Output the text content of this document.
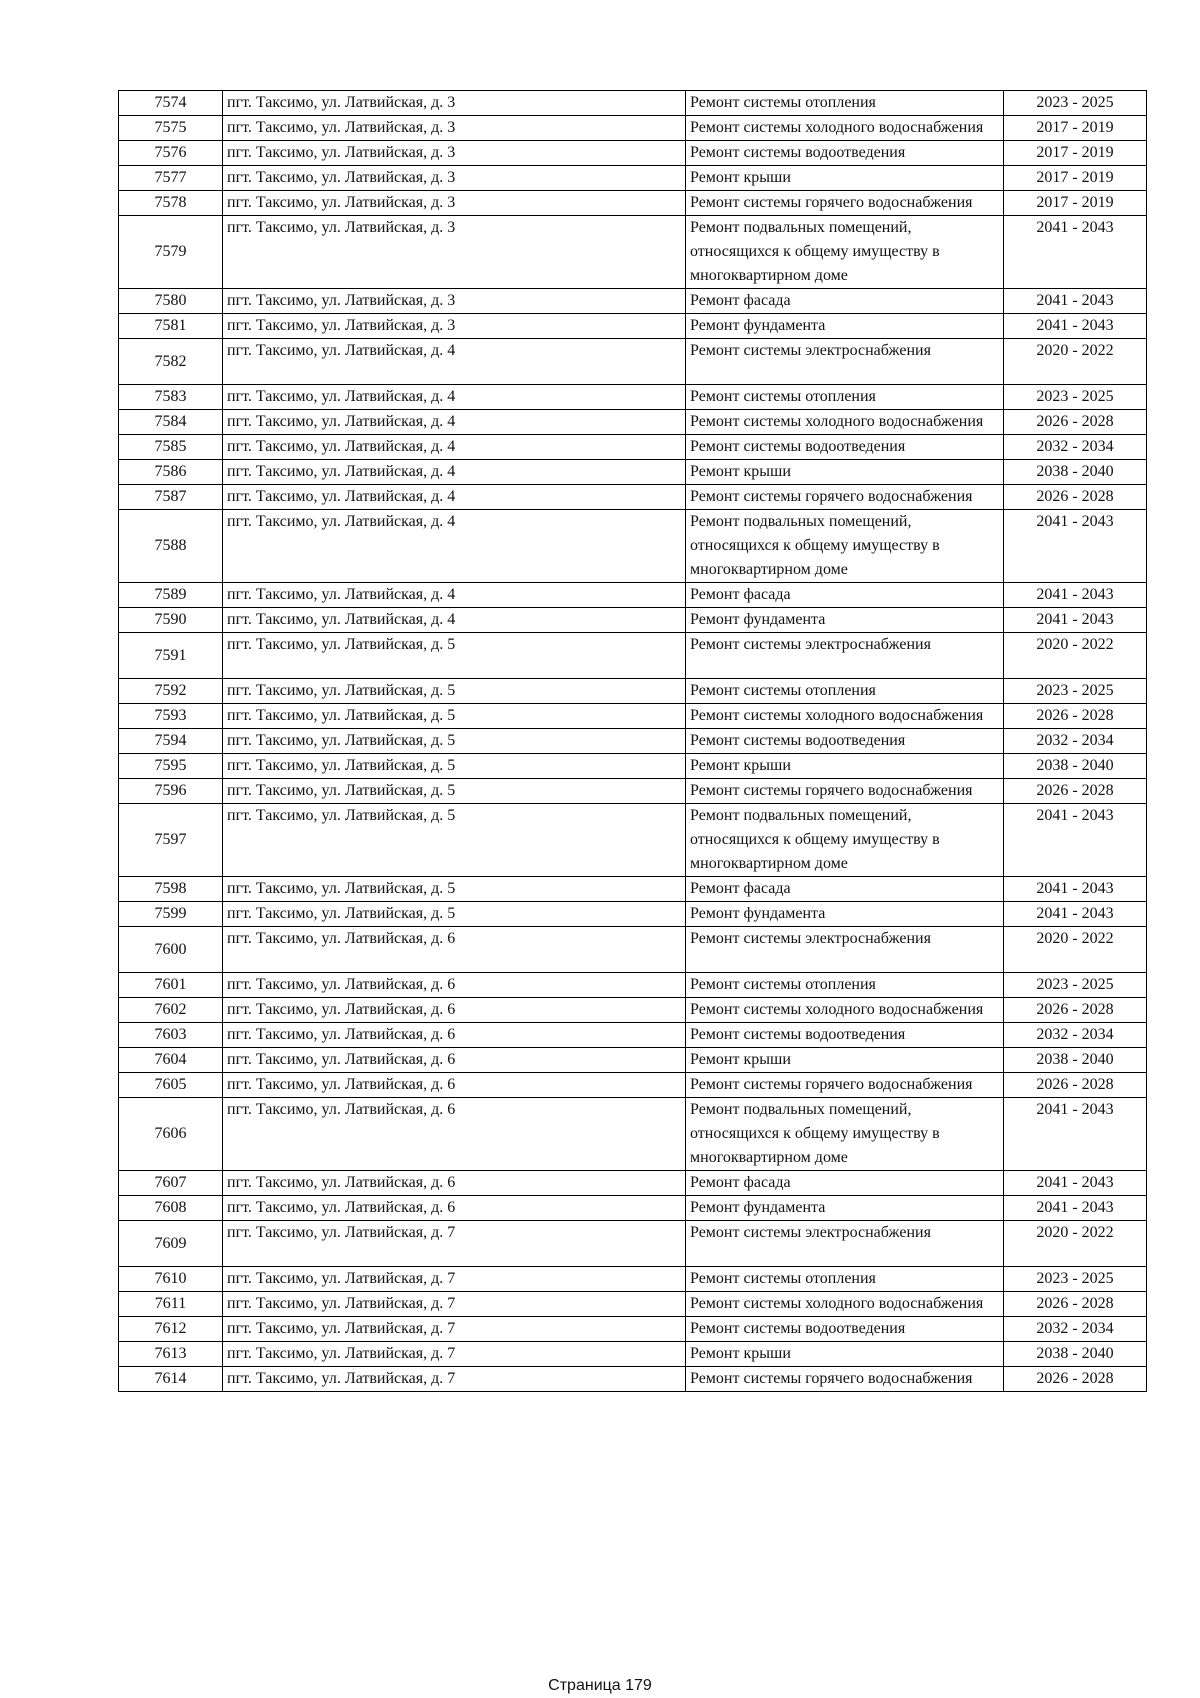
7574	пгт. Таксимо, ул. Латвийская, д. 3	Ремонт системы отопления	2023 - 2025
7575	пгт. Таксимо, ул. Латвийская, д. 3	Ремонт системы холодного водоснабжения	2017 - 2019
7576	пгт. Таксимо, ул. Латвийская, д. 3	Ремонт системы водоотведения	2017 - 2019
7577	пгт. Таксимо, ул. Латвийская, д. 3	Ремонт крыши	2017 - 2019
7578	пгт. Таксимо, ул. Латвийская, д. 3	Ремонт системы горячего водоснабжения	2017 - 2019
7579	пгт. Таксимо, ул. Латвийская, д. 3	Ремонт подвальных помещений, относящихся к общему имуществу в многоквартирном доме	2041 - 2043
7580	пгт. Таксимо, ул. Латвийская, д. 3	Ремонт фасада	2041 - 2043
7581	пгт. Таксимо, ул. Латвийская, д. 3	Ремонт фундамента	2041 - 2043
7582	пгт. Таксимо, ул. Латвийская, д. 4	Ремонт системы электроснабжения	2020 - 2022
7583	пгт. Таксимо, ул. Латвийская, д. 4	Ремонт системы отопления	2023 - 2025
7584	пгт. Таксимо, ул. Латвийская, д. 4	Ремонт системы холодного водоснабжения	2026 - 2028
7585	пгт. Таксимо, ул. Латвийская, д. 4	Ремонт системы водоотведения	2032 - 2034
7586	пгт. Таксимо, ул. Латвийская, д. 4	Ремонт крыши	2038 - 2040
7587	пгт. Таксимо, ул. Латвийская, д. 4	Ремонт системы горячего водоснабжения	2026 - 2028
7588	пгт. Таксимо, ул. Латвийская, д. 4	Ремонт подвальных помещений, относящихся к общему имуществу в многоквартирном доме	2041 - 2043
7589	пгт. Таксимо, ул. Латвийская, д. 4	Ремонт фасада	2041 - 2043
7590	пгт. Таксимо, ул. Латвийская, д. 4	Ремонт фундамента	2041 - 2043
7591	пгт. Таксимо, ул. Латвийская, д. 5	Ремонт системы электроснабжения	2020 - 2022
7592	пгт. Таксимо, ул. Латвийская, д. 5	Ремонт системы отопления	2023 - 2025
7593	пгт. Таксимо, ул. Латвийская, д. 5	Ремонт системы холодного водоснабжения	2026 - 2028
7594	пгт. Таксимо, ул. Латвийская, д. 5	Ремонт системы водоотведения	2032 - 2034
7595	пгт. Таксимо, ул. Латвийская, д. 5	Ремонт крыши	2038 - 2040
7596	пгт. Таксимо, ул. Латвийская, д. 5	Ремонт системы горячего водоснабжения	2026 - 2028
7597	пгт. Таксимо, ул. Латвийская, д. 5	Ремонт подвальных помещений, относящихся к общему имуществу в многоквартирном доме	2041 - 2043
7598	пгт. Таксимо, ул. Латвийская, д. 5	Ремонт фасада	2041 - 2043
7599	пгт. Таксимо, ул. Латвийская, д. 5	Ремонт фундамента	2041 - 2043
7600	пгт. Таксимо, ул. Латвийская, д. 6	Ремонт системы электроснабжения	2020 - 2022
7601	пгт. Таксимо, ул. Латвийская, д. 6	Ремонт системы отопления	2023 - 2025
7602	пгт. Таксимо, ул. Латвийская, д. 6	Ремонт системы холодного водоснабжения	2026 - 2028
7603	пгт. Таксимо, ул. Латвийская, д. 6	Ремонт системы водоотведения	2032 - 2034
7604	пгт. Таксимо, ул. Латвийская, д. 6	Ремонт крыши	2038 - 2040
7605	пгт. Таксимо, ул. Латвийская, д. 6	Ремонт системы горячего водоснабжения	2026 - 2028
7606	пгт. Таксимо, ул. Латвийская, д. 6	Ремонт подвальных помещений, относящихся к общему имуществу в многоквартирном доме	2041 - 2043
7607	пгт. Таксимо, ул. Латвийская, д. 6	Ремонт фасада	2041 - 2043
7608	пгт. Таксимо, ул. Латвийская, д. 6	Ремонт фундамента	2041 - 2043
7609	пгт. Таксимо, ул. Латвийская, д. 7	Ремонт системы электроснабжения	2020 - 2022
7610	пгт. Таксимо, ул. Латвийская, д. 7	Ремонт системы отопления	2023 - 2025
7611	пгт. Таксимо, ул. Латвийская, д. 7	Ремонт системы холодного водоснабжения	2026 - 2028
7612	пгт. Таксимо, ул. Латвийская, д. 7	Ремонт системы водоотведения	2032 - 2034
7613	пгт. Таксимо, ул. Латвийская, д. 7	Ремонт крыши	2038 - 2040
7614	пгт. Таксимо, ул. Латвийская, д. 7	Ремонт системы горячего водоснабжения	2026 - 2028
Страница 179
